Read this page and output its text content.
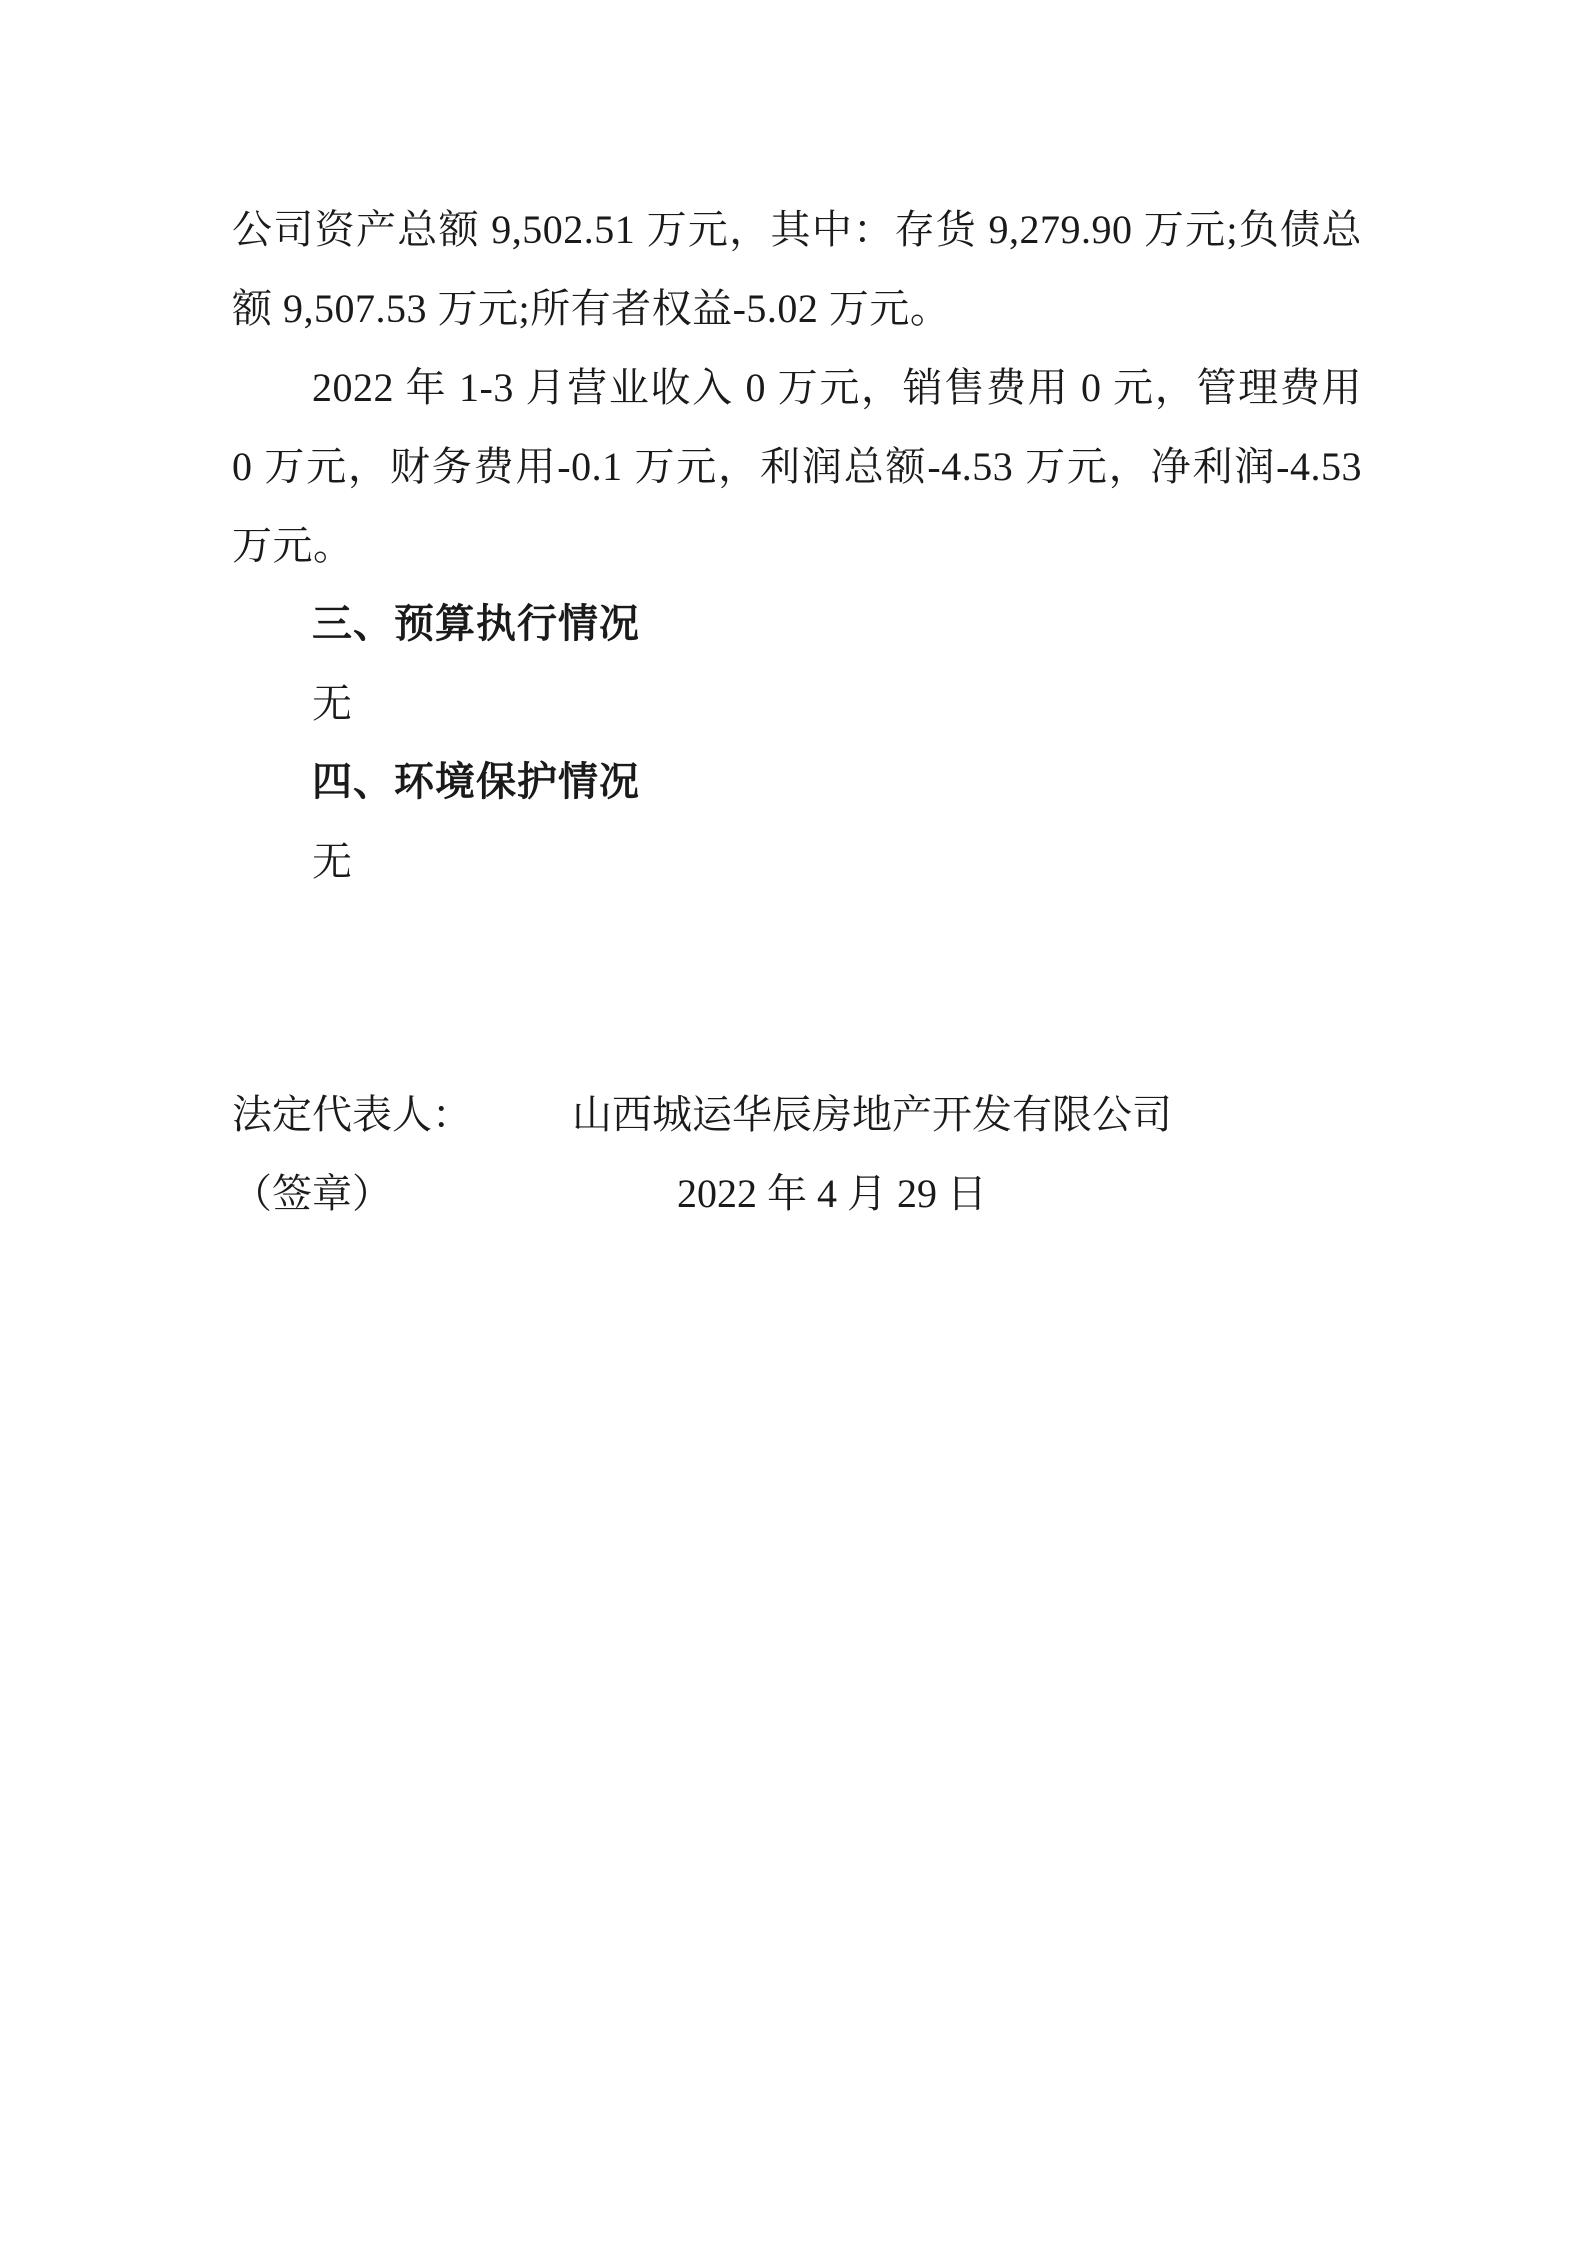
公司资产总额 9,502.51 万元，其中：存货 9,279.90 万元;负债总额 9,507.53 万元;所有者权益-5.02 万元。

2022 年 1-3 月营业收入 0 万元，销售费用 0 元，管理费用 0 万元，财务费用-0.1 万元，利润总额-4.53 万元，净利润-4.53 万元。

三、预算执行情况

无

四、环境保护情况

无

法定代表人：	山西城运华辰房地产开发有限公司
（签章）	2022 年 4 月 29 日
